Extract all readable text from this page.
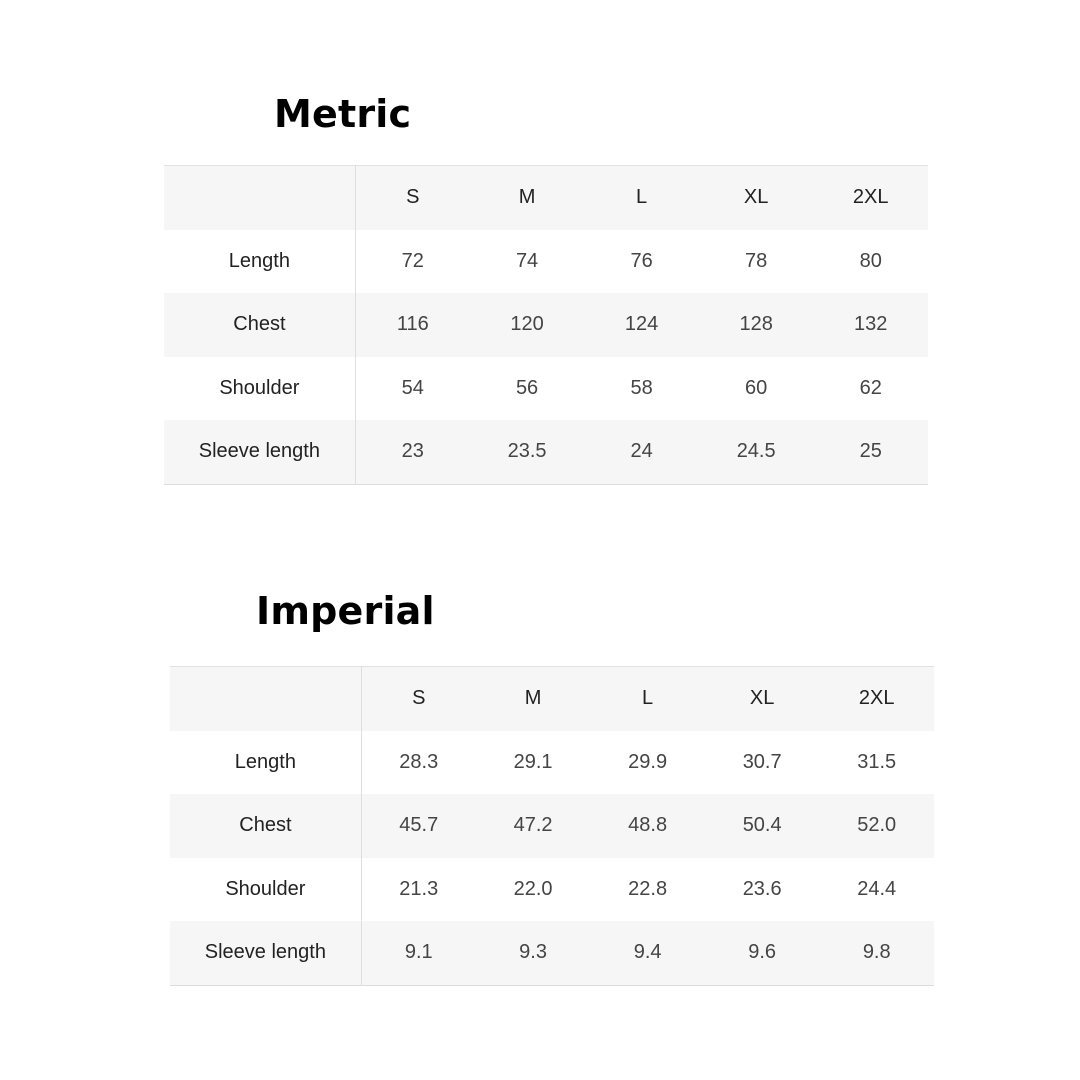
Metric
	S	M	L	XL	2XL
Length	72	74	76	78	80
Chest	116	120	124	128	132
Shoulder	54	56	58	60	62
Sleeve length	23	23.5	24	24.5	25
Imperial
	S	M	L	XL	2XL
Length	28.3	29.1	29.9	30.7	31.5
Chest	45.7	47.2	48.8	50.4	52.0
Shoulder	21.3	22.0	22.8	23.6	24.4
Sleeve length	9.1	9.3	9.4	9.6	9.8
